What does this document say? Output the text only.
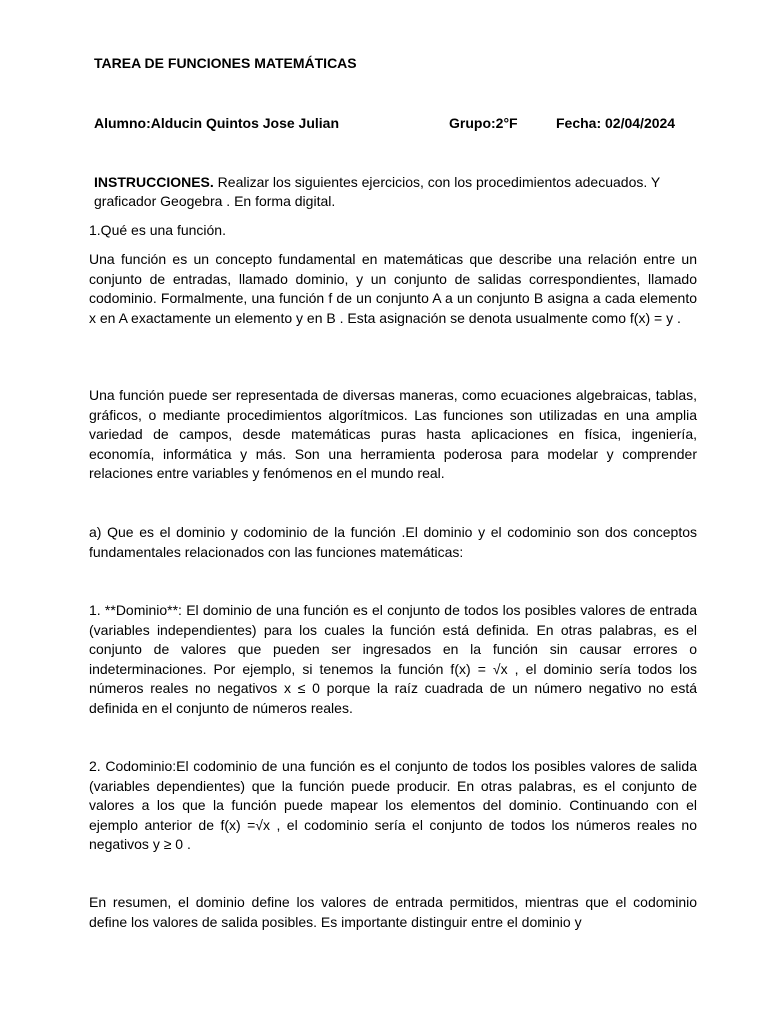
TAREA DE FUNCIONES MATEMÁTICAS
Alumno:Alducin Quintos Jose Julian	Grupo:2°F	Fecha: 02/04/2024
INSTRUCCIONES. Realizar los siguientes ejercicios, con los procedimientos adecuados. Y graficador Geogebra . En forma digital.
1.Qué es una función.

Una función es un concepto fundamental en matemáticas que describe una relación entre un conjunto de entradas, llamado dominio, y un conjunto de salidas correspondientes, llamado codominio. Formalmente, una función f de un conjunto A a un conjunto B asigna a cada elemento x en A exactamente un elemento y en B . Esta asignación se denota usualmente como f(x) = y .

Una función puede ser representada de diversas maneras, como ecuaciones algebraicas, tablas, gráficos, o mediante procedimientos algorítmicos. Las funciones son utilizadas en una amplia variedad de campos, desde matemáticas puras hasta aplicaciones en física, ingeniería, economía, informática y más. Son una herramienta poderosa para modelar y comprender relaciones entre variables y fenómenos en el mundo real.

a) Que es el dominio y codominio de la función .El dominio y el codominio son dos conceptos fundamentales relacionados con las funciones matemáticas:

1. **Dominio**: El dominio de una función es el conjunto de todos los posibles valores de entrada (variables independientes) para los cuales la función está definida. En otras palabras, es el conjunto de valores que pueden ser ingresados en la función sin causar errores o indeterminaciones. Por ejemplo, si tenemos la función f(x) = √x , el dominio sería todos los números reales no negativos x ≤ 0 porque la raíz cuadrada de un número negativo no está definida en el conjunto de números reales.

2. Codominio:El codominio de una función es el conjunto de todos los posibles valores de salida (variables dependientes) que la función puede producir. En otras palabras, es el conjunto de valores a los que la función puede mapear los elementos del dominio. Continuando con el ejemplo anterior de f(x) =√x , el codominio sería el conjunto de todos los números reales no negativos y ≥ 0 .

En resumen, el dominio define los valores de entrada permitidos, mientras que el codominio define los valores de salida posibles. Es importante distinguir entre el dominio y
